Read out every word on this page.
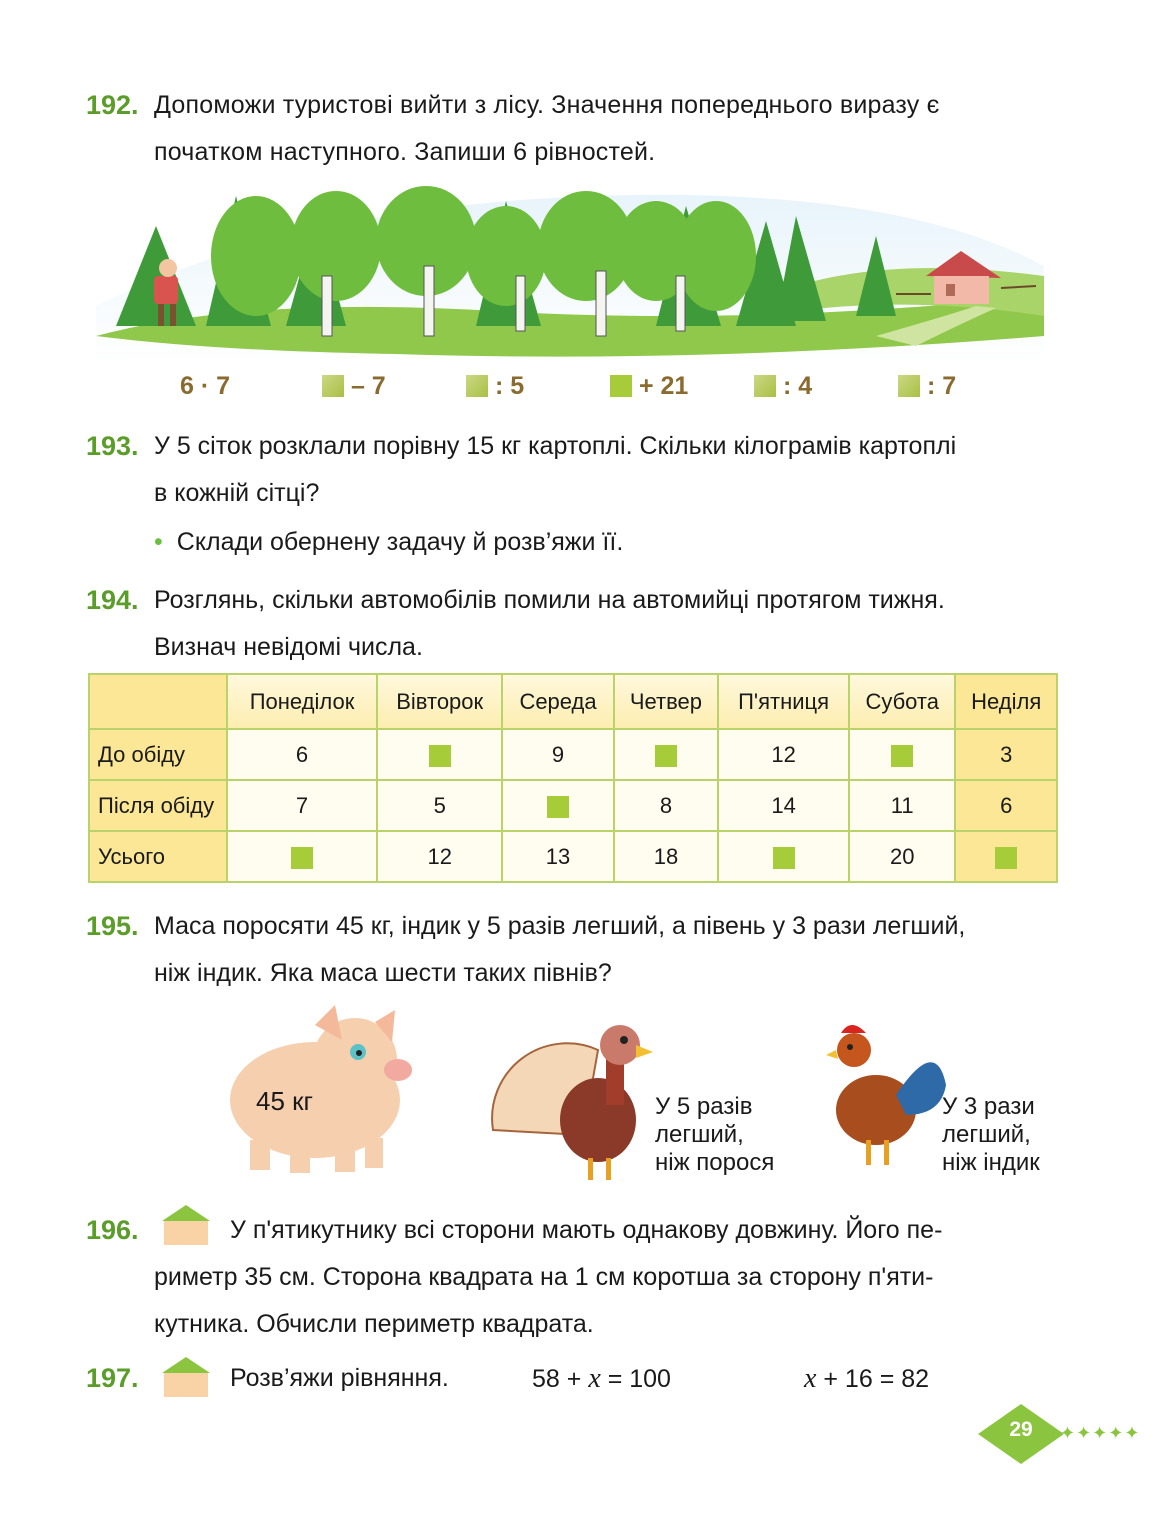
192. Допоможи туристові вийти з лісу. Значення попереднього виразу є
початком наступного. Запиши 6 рівностей.
6 · 7	– 7	: 5	+ 21	: 4	: 7
193. У 5 сіток розклали порівну 15 кг картоплі. Скільки кілограмів картоплі
в кожній сітці?
• Склади обернену задачу й розв’яжи її.
194. Розглянь, скільки автомобілів помили на автомийці протягом тижня.
Визнач невідомі числа.
	Понеділок	Вівторок	Середа	Четвер	П'ятниця	Субота	Неділя
До обіду	6		9		12		3
Після обіду	7	5		8	14	11	6
Усього		12	13	18		20	
195. Маса поросяти 45 кг, індик у 5 разів легший, а півень у 3 рази легший,
ніж індик. Яка маса шести таких півнів?
45 кг	У 5 разів
легший,
ніж порося
У 3 рази
легший,
ніж індик
196.	У п'ятикутнику всі сторони мають однакову довжину. Його пе-
риметр 35 см. Сторона квадрата на 1 см коротша за сторону п'яти-
кутника. Обчисли периметр квадрата.
197.	Розв’яжи рівняння.	58 + x = 100	x + 16 = 82
29	✦✦✦✦✦
